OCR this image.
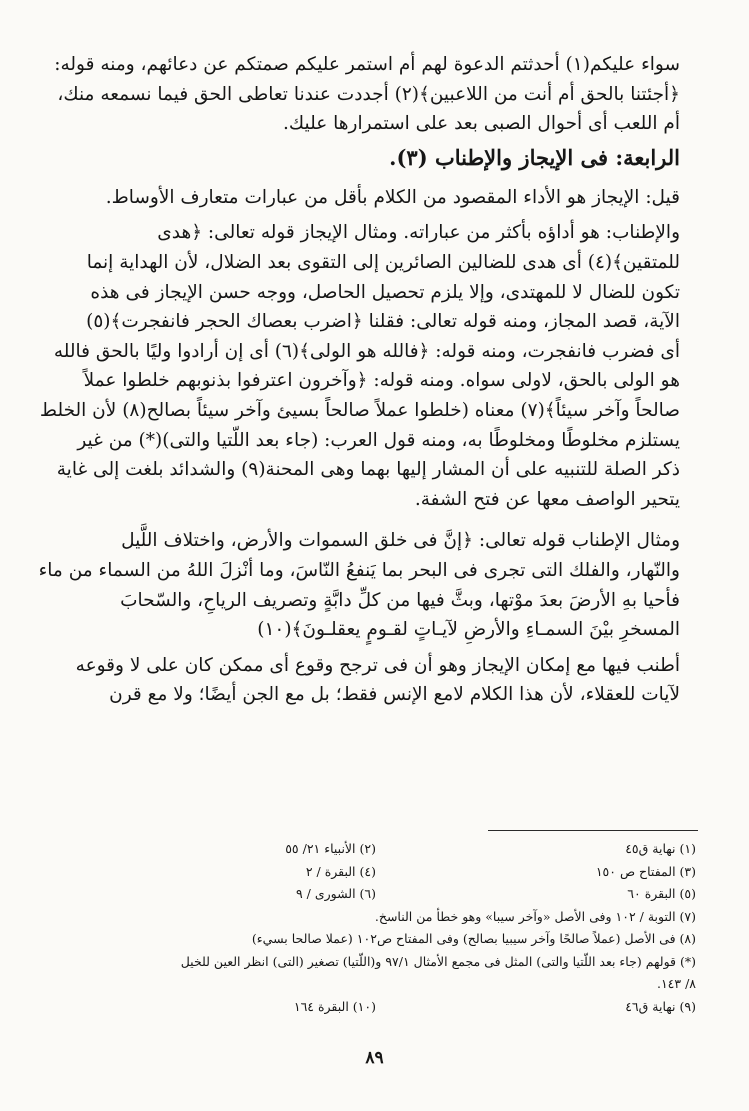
سواء عليكم(١) أحدثتم الدعوة لهم أم استمر عليكم صمتكم عن دعائهم، ومنه قوله:
﴿أجئتنا بالحق أم أنت من اللاعبين﴾(٢) أجددت عندنا تعاطى الحق فيما نسمعه منك،
أم اللعب أى أحوال الصبى بعد على استمرارها عليك.
الرابعة: فى الإيجاز والإطناب (٣).
قيل: الإيجاز هو الأداء المقصود من الكلام بأقل من عبارات متعارف الأوساط.
والإطناب: هو أداؤه بأكثر من عباراته. ومثال الإيجاز قوله تعالى: ﴿هدى
للمتقين﴾(٤) أى هدى للضالين الصائرين إلى التقوى بعد الضلال، لأن الهداية إنما
تكون للضال لا للمهتدى، وإلا يلزم تحصيل الحاصل، ووجه حسن الإيجاز فى هذه
الآية، قصد المجاز، ومنه قوله تعالى: فقلنا ﴿اضرب بعصاك الحجر فانفجرت﴾(٥)
أى فضرب فانفجرت، ومنه قوله: ﴿فالله هو الولى﴾(٦) أى إن أرادوا وليًا بالحق فالله
هو الولى بالحق، لاولى سواه. ومنه قوله: ﴿وآخرون اعترفوا بذنوبهم خلطوا عملاً
صالحاً وآخر سيئاً﴾(٧) معناه (خلطوا عملاً صالحاً بسيئ وآخر سيئاً بصالح(٨) لأن الخلط
يستلزم مخلوطًا ومخلوطًا به، ومنه قول العرب: (جاء بعد اللّتيا والتى)(*) من غير
ذكر الصلة للتنبيه على أن المشار إليها بهما وهى المحنة(٩) والشدائد بلغت إلى غاية
يتحير الواصف معها عن فتح الشفة.
ومثال الإطناب قوله تعالى: ﴿إنَّ فى خلق السموات والأرض، واختلاف اللَّيل
والنّهار، والفلك التى تجرى فى البحر بما يَنفعُ النّاسَ، وما أنْزلَ اللهُ من السماء من ماء
فأحيا بهِ الأرضَ بعدَ موْتها، وبثَّ فيها من كلِّ دابَّةٍ وتصريف الرياحِ، والسّحابَ
المسخرِ بيْنَ السمـاءِ والأرضِ لآيـاتٍ لقـومٍ يعقلـونَ﴾(١٠)
أطنب فيها مع إمكان الإيجاز وهو أن فى ترجح وقوع أى ممكن كان على لا وقوعه
لآيات للعقلاء، لأن هذا الكلام لامع الإنس فقط؛ بل مع الجن أيضًا؛ ولا مع قرن
(١) نهاية ق٤٥
(٢) الأنبياء ٢١/ ٥٥
(٣) المفتاح ص ١٥٠
(٤) البقرة / ٢
(٥) البقرة ٦٠
(٦) الشورى / ٩
(٧) التوبة / ١٠٢ وفى الأصل «وآخر سيبا» وهو خطأ من الناسخ.
(٨) فى الأصل (عملاً صالحًا وآخر سيبيا بصالح) وفى المفتاح ص١٠٢ (عملا صالحا بسيء)
(*) قولهم (جاء بعد اللّتيا والتى) المثل فى مجمع الأمثال ٩٧/١ و(اللّتيا) تصغير (التى) انظر العين للخيل
٨/ ١٤٣.
(٩) نهاية ق٤٦
(١٠) البقرة ١٦٤
٨٩
